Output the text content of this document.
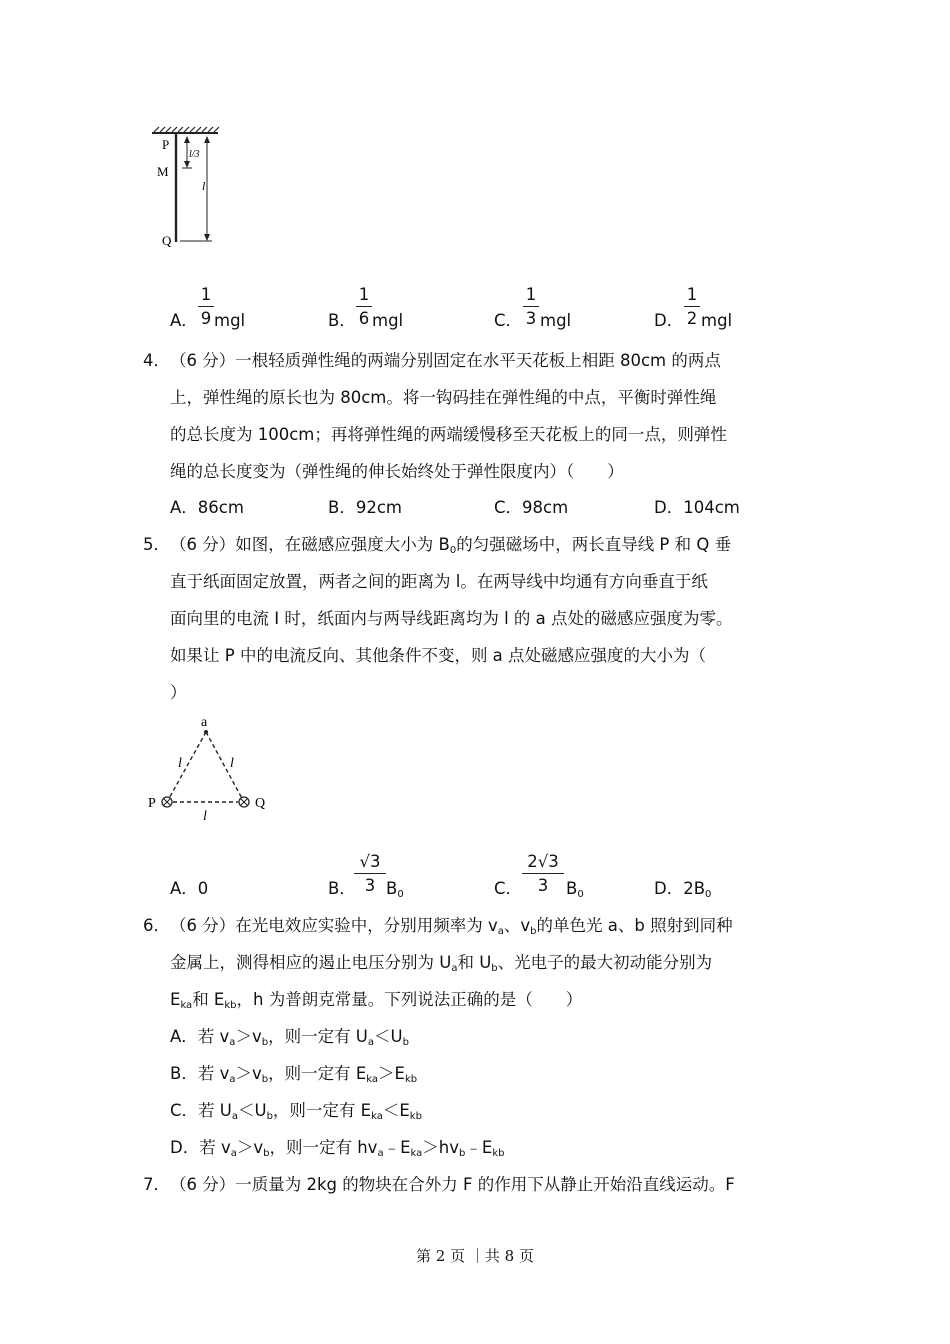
P
M
Q
l/3
l
A．
1
9 mgl	B．
1
6 mgl	C．
1
3 mgl	D．
1
2 mgl
4． （6 分）一根轻质弹性绳的两端分别固定在水平天花板上相距 80cm 的两点
上，弹性绳的原长也为 80cm。将一钩码挂在弹性绳的中点，平衡时弹性绳
的总长度为 100cm；再将弹性绳的两端缓慢移至天花板上的同一点，则弹性
绳的总长度变为（弹性绳的伸长始终处于弹性限度内）（　　）
A．86cm	B．92cm	C．98cm	D．104cm
5． （6 分）如图，在磁感应强度大小为 $B_0$的匀强磁场中，两长直导线 P 和 Q 垂
直于纸面固定放置，两者之间的距离为 l。在两导线中均通有方向垂直于纸
面向里的电流 I 时，纸面内与两导线距离均为 l 的 a 点处的磁感应强度为零。
如果让 P 中的电流反向、其他条件不变，则 a 点处磁感应强度的大小为（
）
a
P	Q
l	l
l
A．0	B．
√3
3 $B_0$	C．
2√3
3	$B_0$	D．$2B_0$
6． （6 分）在光电效应实验中，分别用频率为 $v_a$、$v_b$的单色光 a、b 照射到同种
金属上，测得相应的遏止电压分别为 $U_a$和 $U_b$、光电子的最大初动能分别为
$E_{ka}$和 $E_{kb}$，h 为普朗克常量。下列说法正确的是（　　）
A．若 $v_a>v_b$，则一定有 $U_a<U_b$
B．若 $v_a>v_b$，则一定有 $E_{ka}>E_{kb}$
C．若 $U_a<U_b$，则一定有 $E_{ka}<E_{kb}$
D．若 $v_a>v_b$，则一定有 $hv_a﹣E_{ka}>hv_b﹣E_{kb}$
7． （6 分）一质量为 2kg 的物块在合外力 F 的作用下从静止开始沿直线运动。F
第 2 页 ｜共 8 页
